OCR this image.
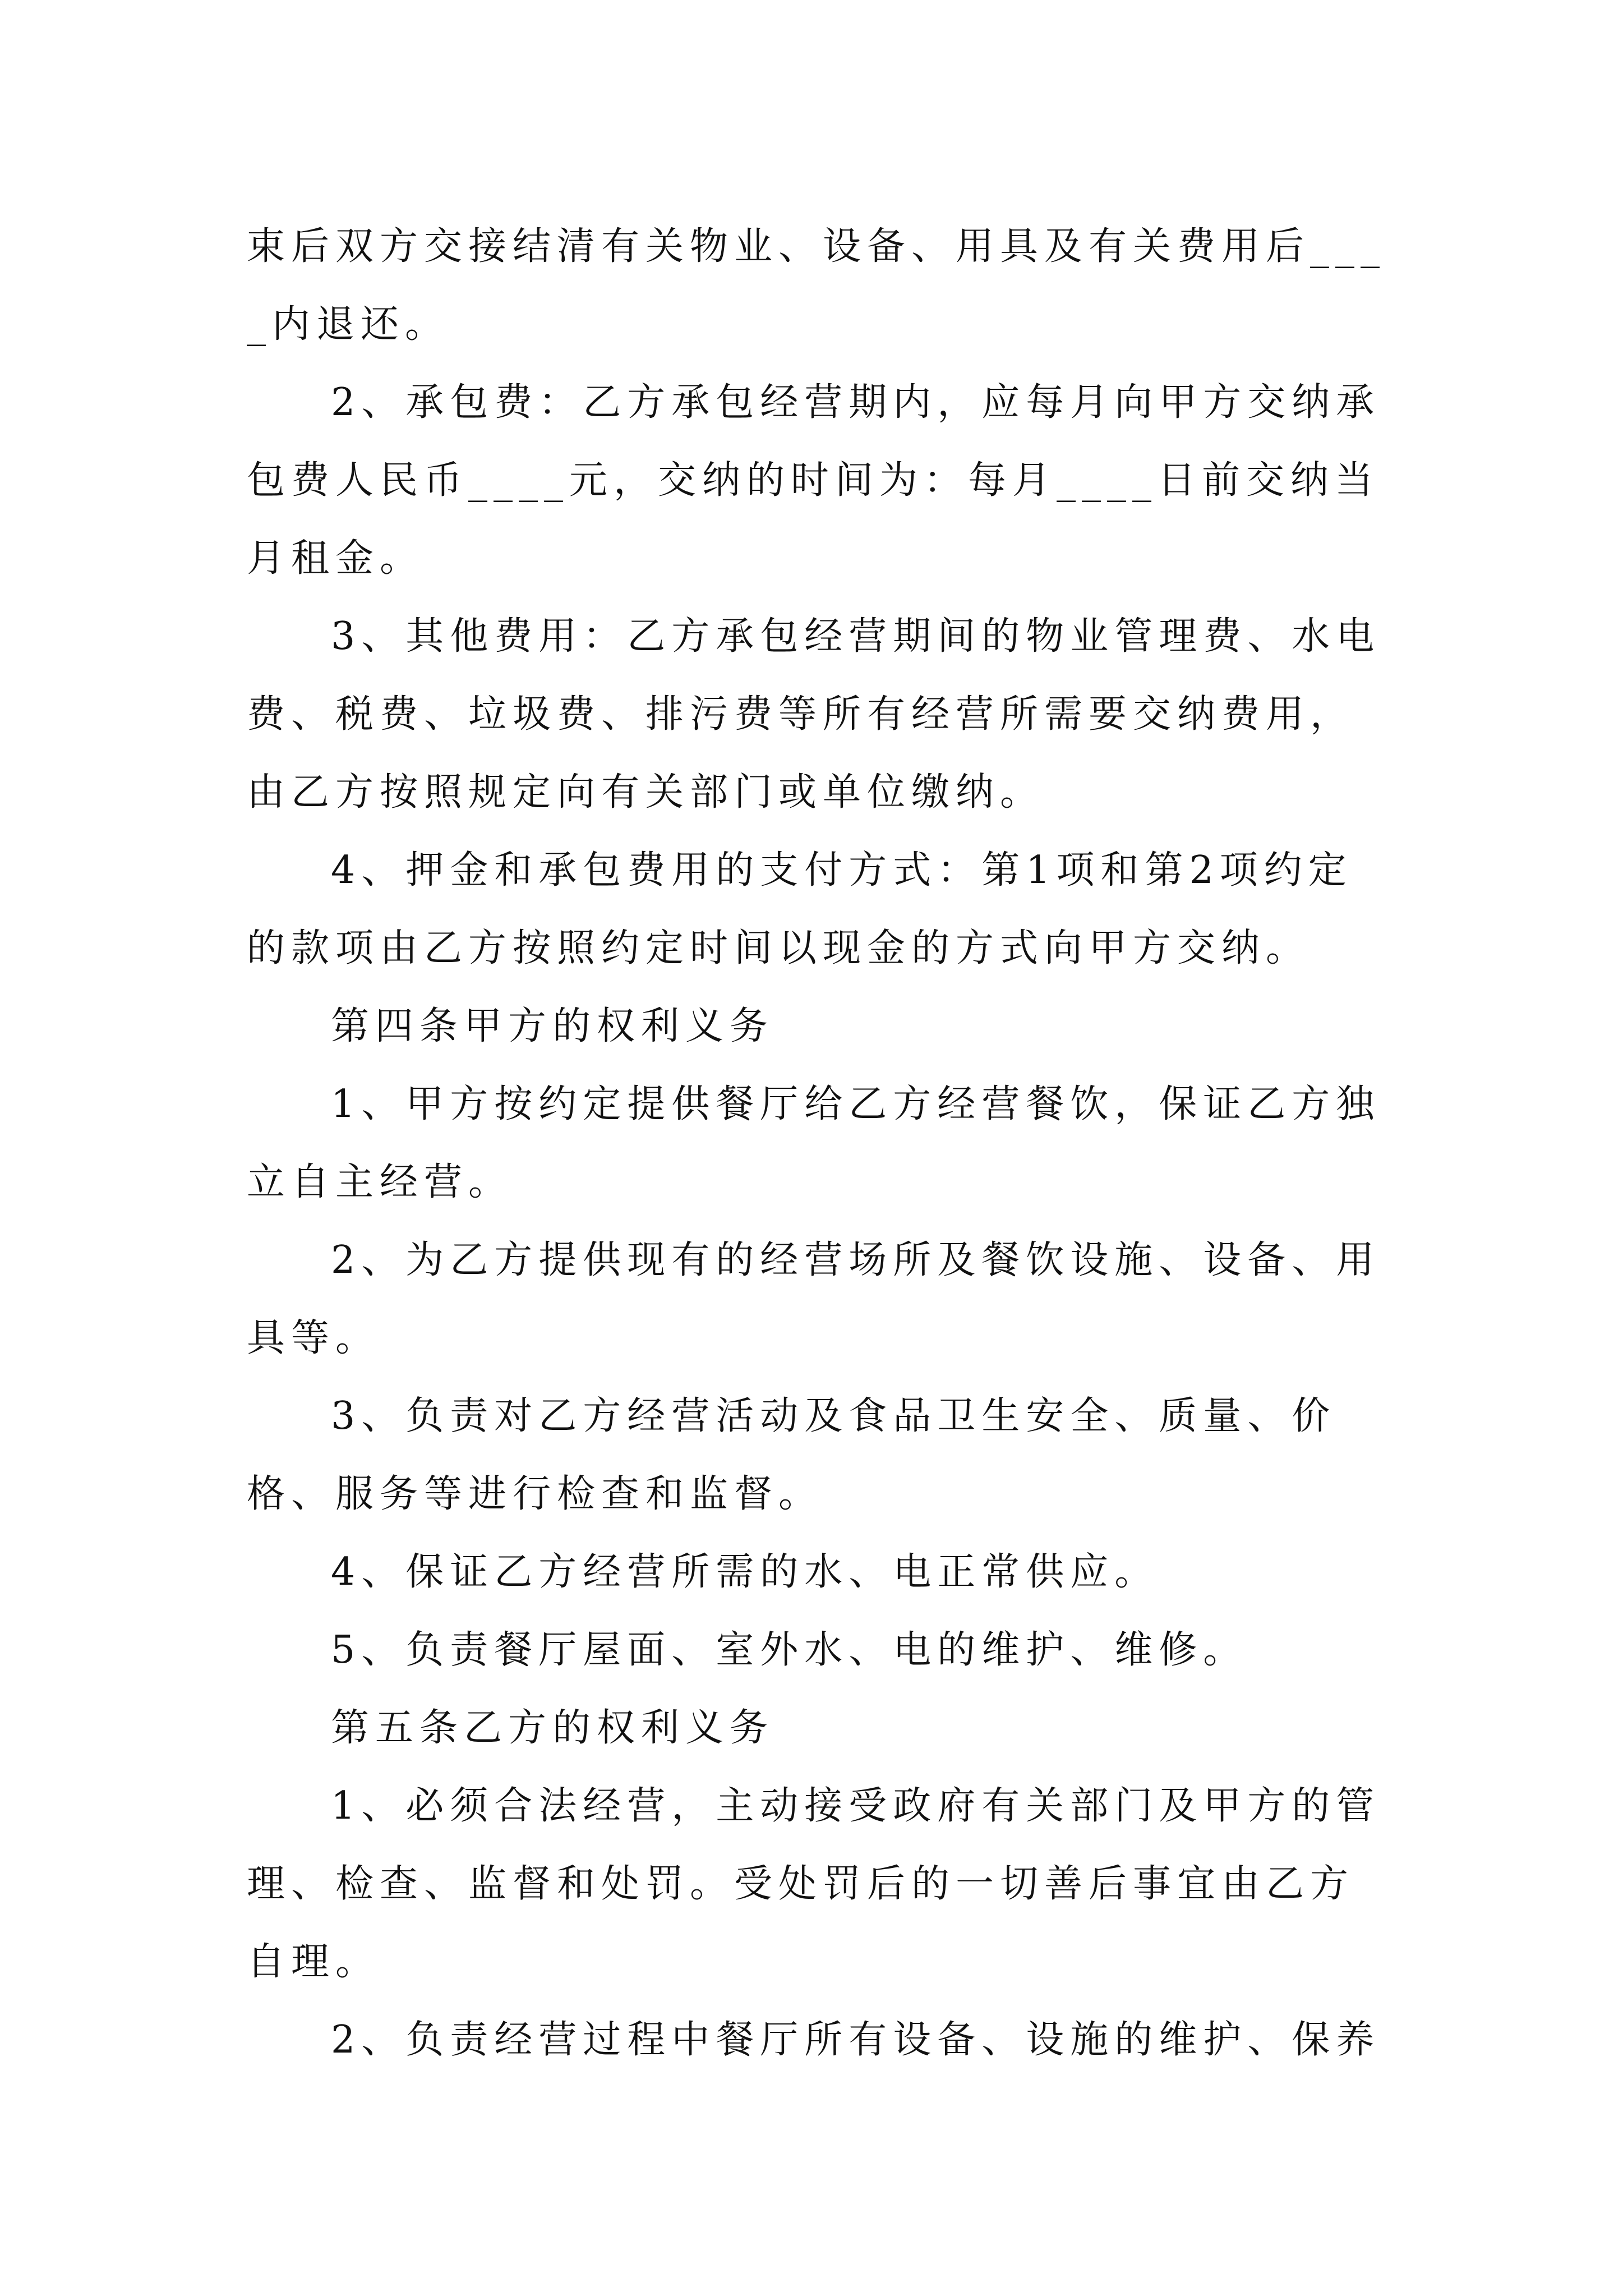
束后双方交接结清有关物业、设备、用具及有关费用后____内退还。

2、承包费：乙方承包经营期内，应每月向甲方交纳承包费人民币____元，交纳的时间为：每月____日前交纳当月租金。

3、其他费用：乙方承包经营期间的物业管理费、水电费、税费、垃圾费、排污费等所有经营所需要交纳费用，由乙方按照规定向有关部门或单位缴纳。

4、押金和承包费用的支付方式：第1项和第2项约定的款项由乙方按照约定时间以现金的方式向甲方交纳。

第四条甲方的权利义务

1、甲方按约定提供餐厅给乙方经营餐饮，保证乙方独立自主经营。

2、为乙方提供现有的经营场所及餐饮设施、设备、用具等。

3、负责对乙方经营活动及食品卫生安全、质量、价格、服务等进行检查和监督。

4、保证乙方经营所需的水、电正常供应。

5、负责餐厅屋面、室外水、电的维护、维修。

第五条乙方的权利义务

1、必须合法经营，主动接受政府有关部门及甲方的管理、检查、监督和处罚。受处罚后的一切善后事宜由乙方自理。

2、负责经营过程中餐厅所有设备、设施的维护、保养
